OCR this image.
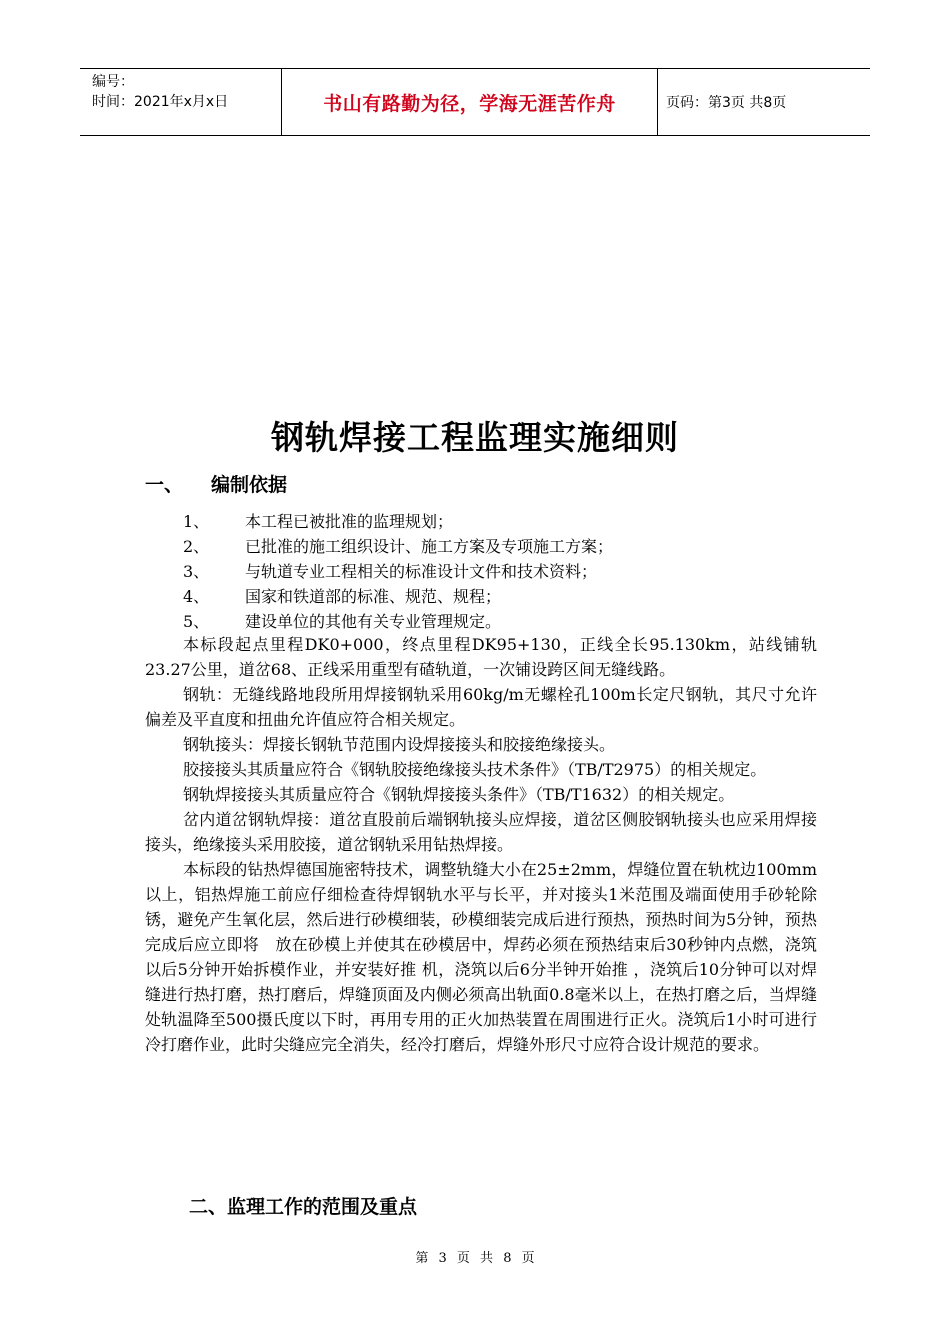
编号：
时间：2021年x月x日	书山有路勤为径，学海无涯苦作舟	页码：第3页 共8页
钢轨焊接工程监理实施细则
一、 编制依据
1、 本工程已被批准的监理规划；
2、 已批准的施工组织设计、施工方案及专项施工方案；
3、 与轨道专业工程相关的标准设计文件和技术资料；
4、 国家和铁道部的标准、规范、规程；
5、 建设单位的其他有关专业管理规定。

本标段起点里程DK0+000，终点里程DK95+130，正线全长95.130km，站线铺轨23.27公里，道岔68、正线采用重型有碴轨道，一次铺设跨区间无缝线路。

钢轨：无缝线路地段所用焊接钢轨采用60kg/m无螺栓孔100m长定尺钢轨，其尺寸允许偏差及平直度和扭曲允许值应符合相关规定。

钢轨接头：焊接长钢轨节范围内设焊接接头和胶接绝缘接头。

胶接接头其质量应符合《钢轨胶接绝缘接头技术条件》（TB/T2975）的相关规定。

钢轨焊接接头其质量应符合《钢轨焊接接头条件》（TB/T1632）的相关规定。

岔内道岔钢轨焊接：道岔直股前后端钢轨接头应焊接，道岔区侧胶钢轨接头也应采用焊接接头，绝缘接头采用胶接，道岔钢轨采用钻热焊接。

本标段的钻热焊德国施密特技术，调整轨缝大小在25±2mm，焊缝位置在轨枕边100mm以上，铝热焊施工前应仔细检查待焊钢轨水平与长平，并对接头1米范围及端面使用手砂轮除锈，避免产生氧化层，然后进行砂模细装，砂模细装完成后进行预热，预热时间为5分钟，预热完成后应立即将　放在砂模上并使其在砂模居中，焊药必须在预热结束后30秒钟内点燃，浇筑以后5分钟开始拆模作业，并安装好推 机，浇筑以后6分半钟开始推 ，浇筑后10分钟可以对焊缝进行热打磨，热打磨后，焊缝顶面及内侧必须高出轨面0.8毫米以上，在热打磨之后，当焊缝处轨温降至500摄氏度以下时，再用专用的正火加热装置在周围进行正火。浇筑后1小时可进行冷打磨作业，此时尖缝应完全消失，经冷打磨后，焊缝外形尺寸应符合设计规范的要求。

二、监理工作的范围及重点
第 3 页 共 8 页
